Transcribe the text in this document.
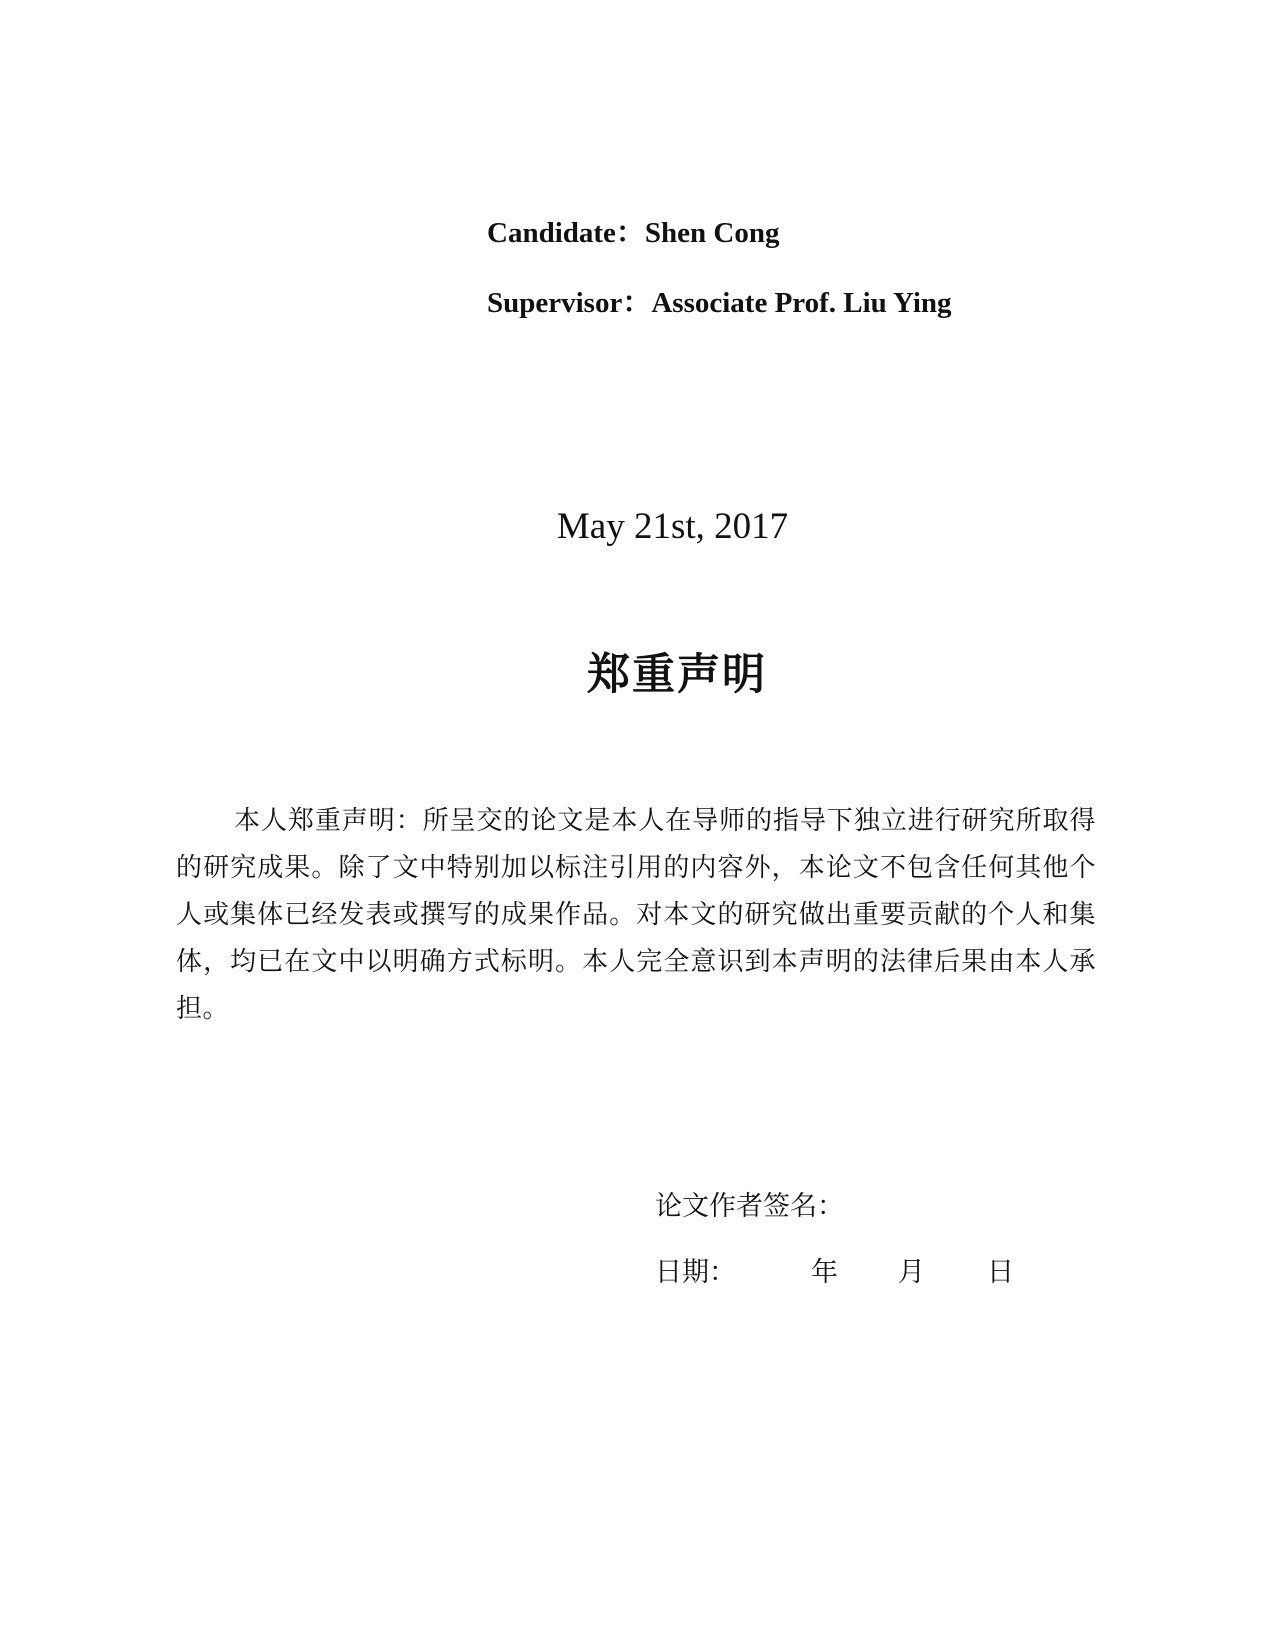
Candidate：Shen Cong
Supervisor：Associate Prof. Liu Ying
May 21st, 2017
郑重声明

本人郑重声明：所呈交的论文是本人在导师的指导下独立进行研究所取得的研究成果。除了文中特别加以标注引用的内容外，本论文不包含任何其他个人或集体已经发表或撰写的成果作品。对本文的研究做出重要贡献的个人和集体，均已在文中以明确方式标明。本人完全意识到本声明的法律后果由本人承担。

论文作者签名：
日期：	年 月 日
